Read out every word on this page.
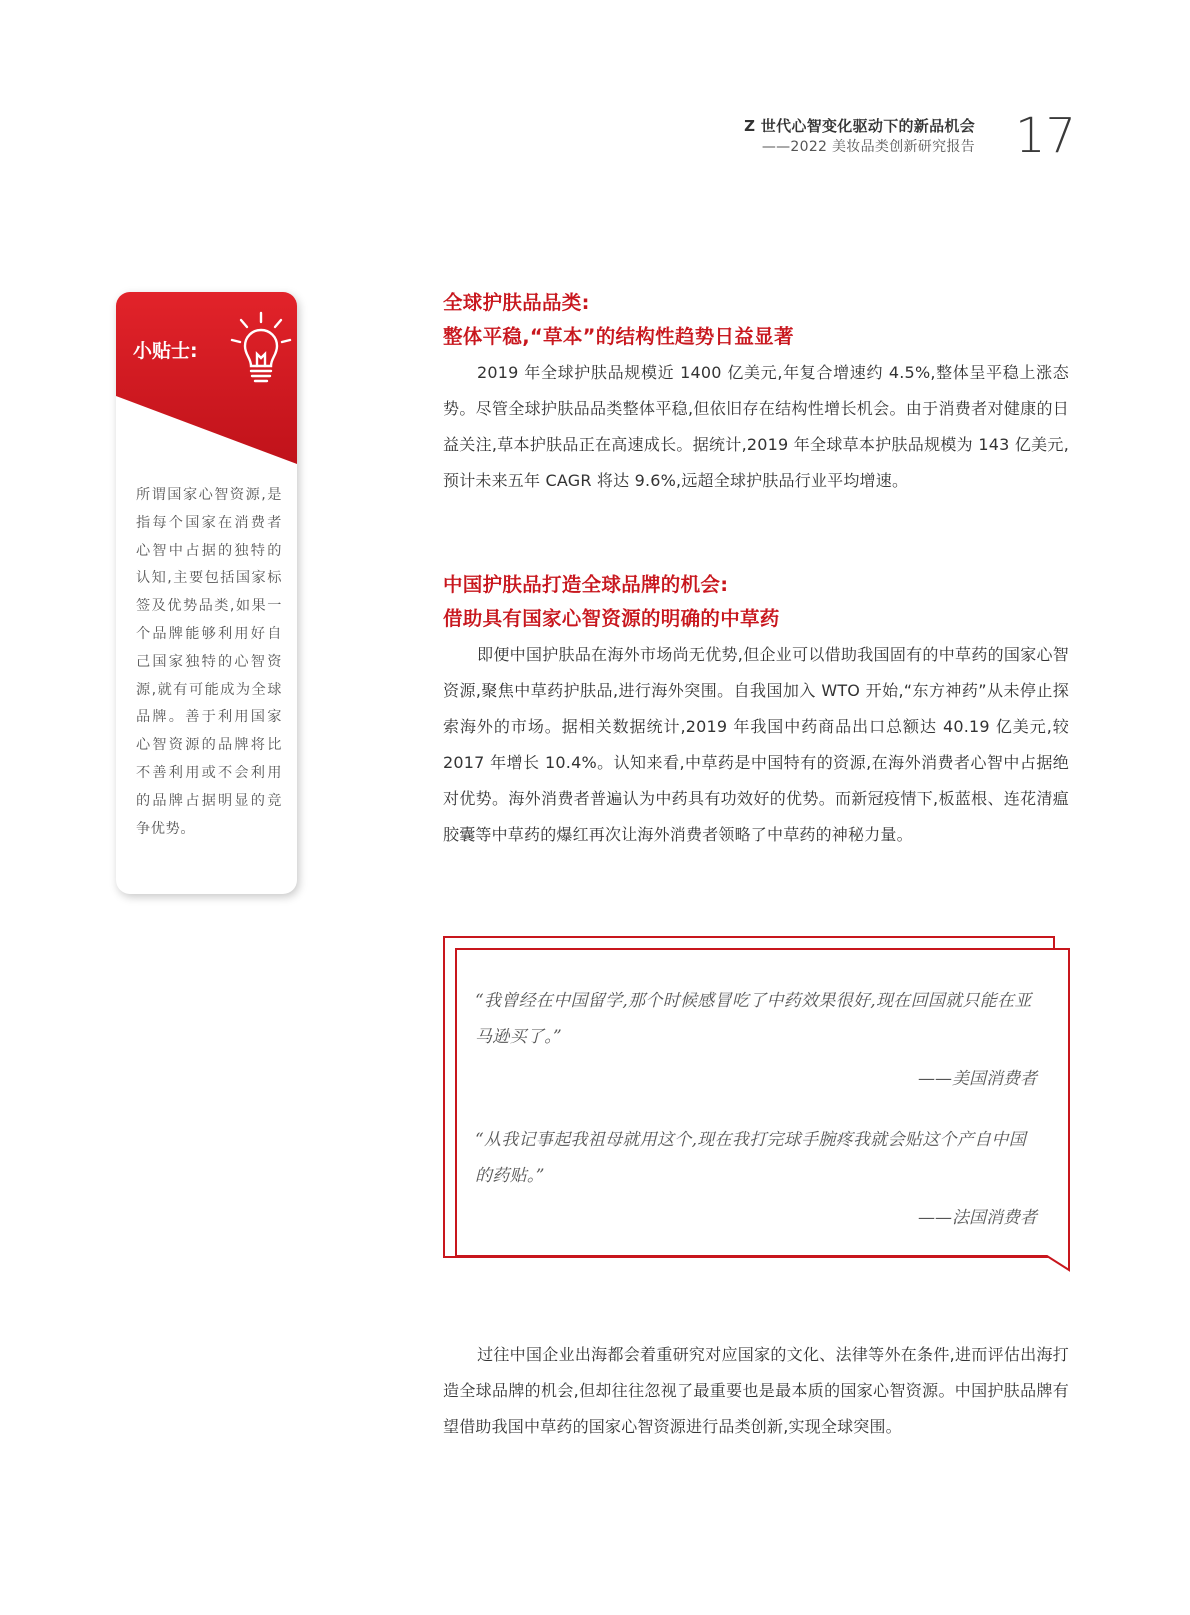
Z 世代心智变化驱动下的新品机会
——2022 美妆品类创新研究报告 17
小贴士:
所谓国家心智资源,是指每个国家在消费者心智中占据的独特的认知,主要包括国家标签及优势品类,如果一个品牌能够利用好自己国家独特的心智资源,就有可能成为全球品牌。善于利用国家心智资源的品牌将比不善利用或不会利用的品牌占据明显的竞争优势。
全球护肤品品类:
整体平稳,“草本”的结构性趋势日益显著
2019 年全球护肤品规模近 1400 亿美元,年复合增速约 4.5%,整体呈平稳上涨态势。尽管全球护肤品品类整体平稳,但依旧存在结构性增长机会。由于消费者对健康的日益关注,草本护肤品正在高速成长。据统计,2019 年全球草本护肤品规模为 143 亿美元,预计未来五年 CAGR 将达 9.6%,远超全球护肤品行业平均增速。
中国护肤品打造全球品牌的机会:
借助具有国家心智资源的明确的中草药
即便中国护肤品在海外市场尚无优势,但企业可以借助我国固有的中草药的国家心智资源,聚焦中草药护肤品,进行海外突围。自我国加入 WTO 开始,“东方神药”从未停止探索海外的市场。据相关数据统计,2019 年我国中药商品出口总额达 40.19 亿美元,较 2017 年增长 10.4%。认知来看,中草药是中国特有的资源,在海外消费者心智中占据绝对优势。海外消费者普遍认为中药具有功效好的优势。而新冠疫情下,板蓝根、连花清瘟胶囊等中草药的爆红再次让海外消费者领略了中草药的神秘力量。
“我曾经在中国留学,那个时候感冒吃了中药效果很好,现在回国就只能在亚马逊买了。”
——美国消费者
“从我记事起我祖母就用这个,现在我打完球手腕疼我就会贴这个产自中国的药贴。”
——法国消费者
过往中国企业出海都会着重研究对应国家的文化、法律等外在条件,进而评估出海打造全球品牌的机会,但却往往忽视了最重要也是最本质的国家心智资源。中国护肤品牌有望借助我国中草药的国家心智资源进行品类创新,实现全球突围。
